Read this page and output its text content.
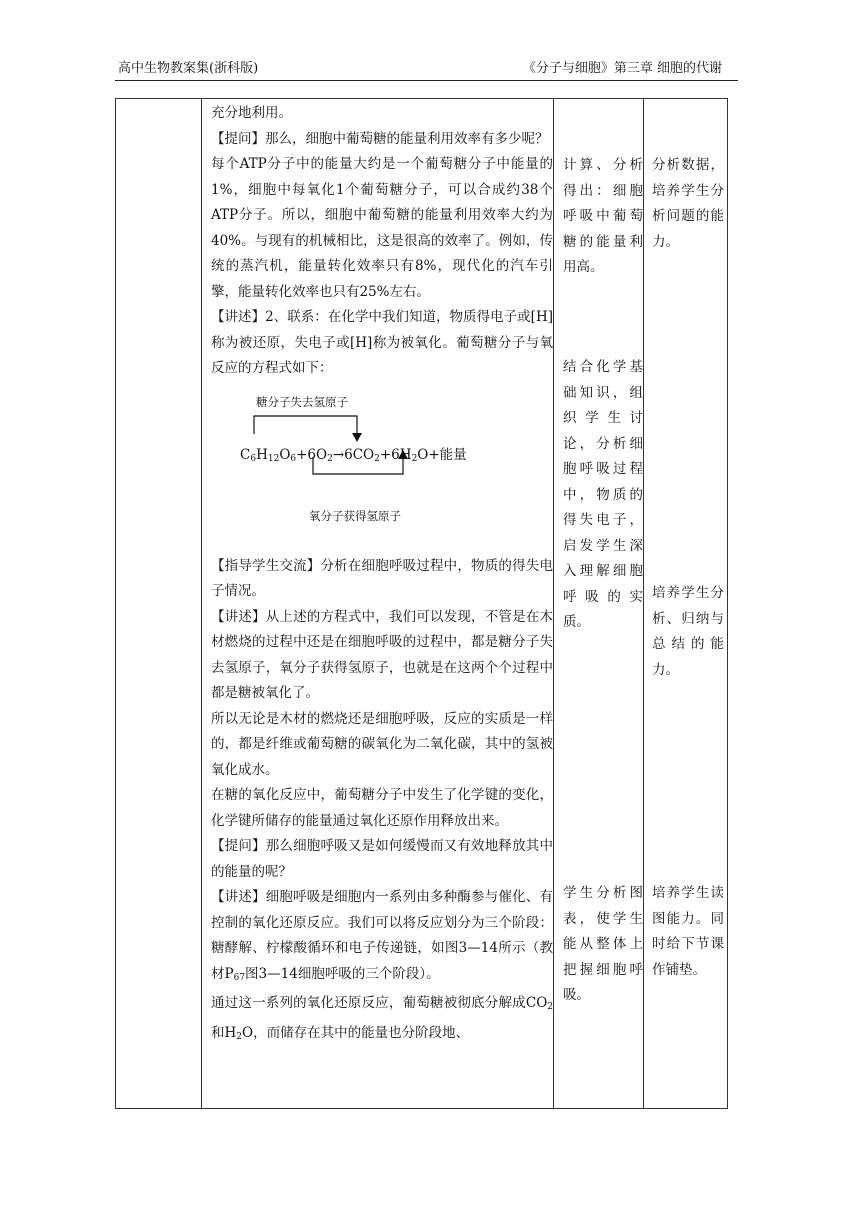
高中生物教案集(浙科版)	《分子与细胞》第三章 细胞的代谢

充分地利用。

【提问】那么，细胞中葡萄糖的能量利用效率有多少呢？

每个ATP分子中的能量大约是一个葡萄糖分子中能量的1%，细胞中每氧化1个葡萄糖分子，可以合成约38个ATP分子。所以，细胞中葡萄糖的能量利用效率大约为40%。与现有的机械相比，这是很高的效率了。例如，传统的蒸汽机，能量转化效率只有8%，现代化的汽车引擎，能量转化效率也只有25%左右。

【讲述】2、联系：在化学中我们知道，物质得电子或[H]称为被还原，失电子或[H]称为被氧化。葡萄糖分子与氧反应的方程式如下：

糖分子失去氢原子
$C_6H_{12}O_6+6O_2\to 6CO_2+6H_2O+$能量
氧分子获得氢原子

【指导学生交流】分析在细胞呼吸过程中，物质的得失电子情况。

【讲述】从上述的方程式中，我们可以发现，不管是在木材燃烧的过程中还是在细胞呼吸的过程中，都是糖分子失去氢原子，氧分子获得氢原子，也就是在这两个个过程中都是糖被氧化了。

所以无论是木材的燃烧还是细胞呼吸，反应的实质是一样的，都是纤维或葡萄糖的碳氧化为二氧化碳，其中的氢被氧化成水。

在糖的氧化反应中，葡萄糖分子中发生了化学键的变化，化学键所储存的能量通过氧化还原作用释放出来。

【提问】那么细胞呼吸又是如何缓慢而又有效地释放其中的能量的呢？

【讲述】细胞呼吸是细胞内一系列由多种酶参与催化、有控制的氧化还原反应。我们可以将反应划分为三个阶段：糖酵解、柠檬酸循环和电子传递链，如图3—14所示（教材$P_{67}$图3—14细胞呼吸的三个阶段）。

通过这一系列的氧化还原反应，葡萄糖被彻底分解成$CO_2$和$H_2O$，而储存在其中的能量也分阶段地、

计算、分析得出：细胞呼吸中葡萄糖的能量利用高。
结合化学基础知识，组织学生讨论，分析细胞呼吸过程中，物质的得失电子，启发学生深入理解细胞呼吸的实质。
学生分析图表，使学生能从整体上把握细胞呼吸。
分析数据，培养学生分析问题的能力。
培养学生分析、归纳与总结的能力。
培养学生读图能力。同时给下节课作铺垫。
